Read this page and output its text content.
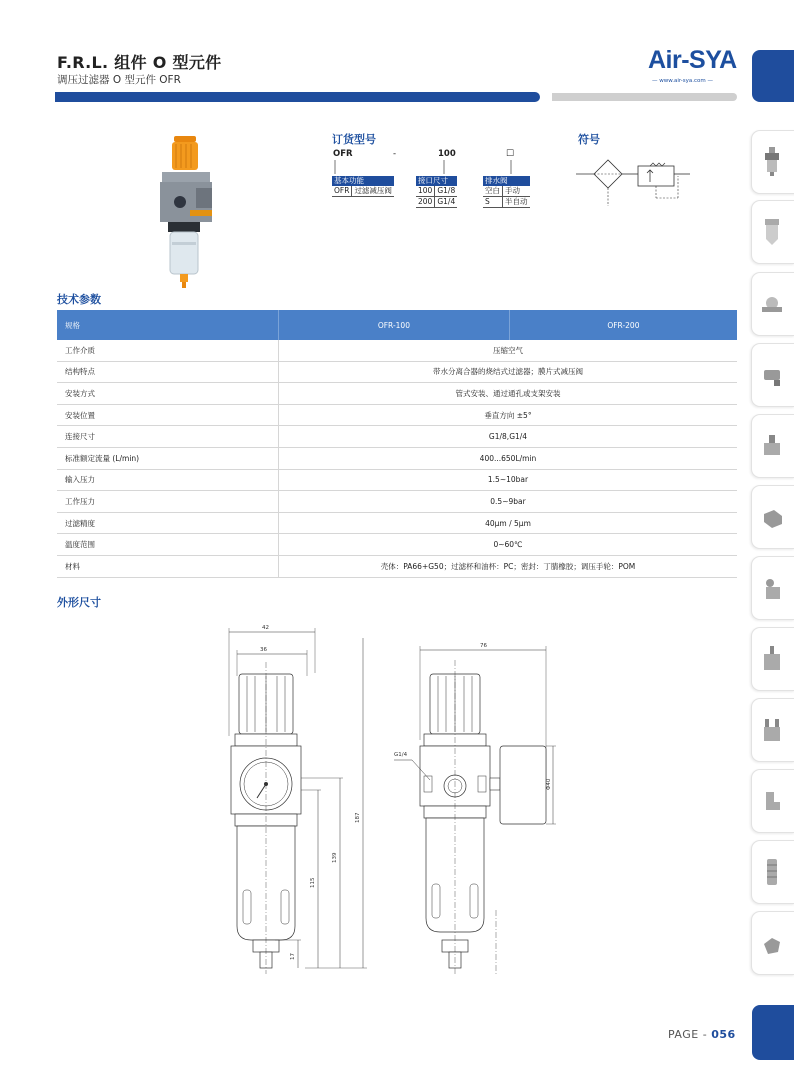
F.R.L. 组件 O 型元件
调压过滤器 O 型元件 OFR
Air-SYA
— www.air-sya.com —
订货型号
OFR	-	100	□
基本功能
OFR	过滤减压阀
接口尺寸	
100	G1/8
200	G1/4
排水阀	
空白	手动
S	半自动
符号
技术参数
规格	OFR-100	OFR-200
工作介质	压缩空气	
结构特点	带水分离合器的烧结式过滤器；膜片式减压阀	
安装方式	管式安装、通过通孔或支架安装	
安装位置	垂直方向 ±5°	
连接尺寸	G1/8,G1/4	
标准额定流量 (L/min)	400...650L/min	
输入压力	1.5~10bar	
工作压力	0.5~9bar	
过滤精度	40μm / 5μm	
温度范围	0~60℃	
材料	壳体：PA66+G50；过滤杯和油杯：PC；密封：丁腈橡胶；调压手轮：POM	
外形尺寸
42
36
187
139
115
17
76
Φ40
G1/4
PAGE - 056
